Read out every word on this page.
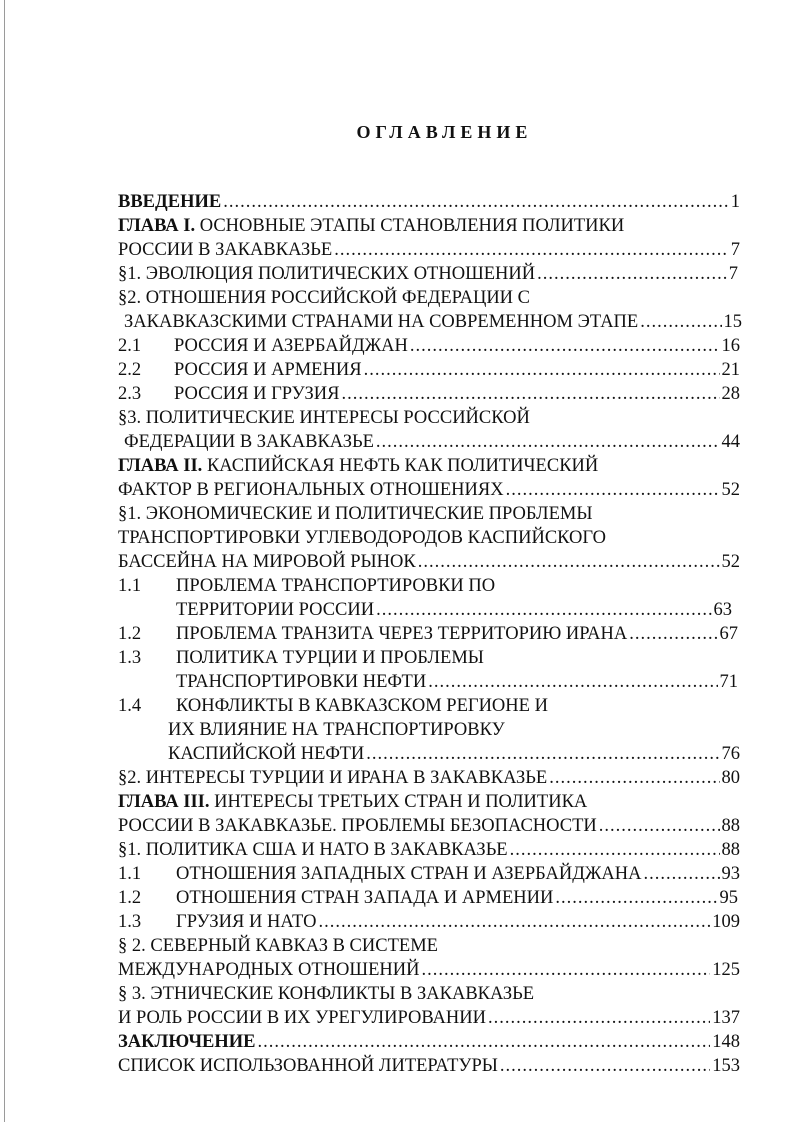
ОГЛАВЛЕНИЕ
ВВЕДЕНИЕ .....	1
ГЛАВА I. ОСНОВНЫЕ ЭТАПЫ СТАНОВЛЕНИЯ ПОЛИТИКИ
РОССИИ В ЗАКАВКАЗЬЕ .....	7
§1. ЭВОЛЮЦИЯ ПОЛИТИЧЕСКИХ ОТНОШЕНИЙ .....	7
§2. ОТНОШЕНИЯ РОССИЙСКОЙ ФЕДЕРАЦИИ С
ЗАКАВКАЗСКИМИ СТРАНАМИ НА СОВРЕМЕННОМ ЭТАПЕ .....	15
2.1 РОССИЯ И АЗЕРБАЙДЖАН .....	16
2.2 РОССИЯ И АРМЕНИЯ .....	21
2.3 РОССИЯ И ГРУЗИЯ .....	28
§3. ПОЛИТИЧЕСКИЕ ИНТЕРЕСЫ РОССИЙСКОЙ
ФЕДЕРАЦИИ В ЗАКАВКАЗЬЕ .....	44
ГЛАВА II. КАСПИЙСКАЯ НЕФТЬ КАК ПОЛИТИЧЕСКИЙ
ФАКТОР В РЕГИОНАЛЬНЫХ ОТНОШЕНИЯХ .....	52
§1. ЭКОНОМИЧЕСКИЕ И ПОЛИТИЧЕСКИЕ ПРОБЛЕМЫ
ТРАНСПОРТИРОВКИ УГЛЕВОДОРОДОВ КАСПИЙСКОГО
БАССЕЙНА НА МИРОВОЙ РЫНОК .....	52
1.1 ПРОБЛЕМА ТРАНСПОРТИРОВКИ ПО
ТЕРРИТОРИИ РОССИИ .....	63
1.2 ПРОБЛЕМА ТРАНЗИТА ЧЕРЕЗ ТЕРРИТОРИЮ ИРАНА .....	67
1.3 ПОЛИТИКА ТУРЦИИ И ПРОБЛЕМЫ
ТРАНСПОРТИРОВКИ НЕФТИ .....	71
1.4 КОНФЛИКТЫ В КАВКАЗСКОМ РЕГИОНЕ И
ИХ ВЛИЯНИЕ НА ТРАНСПОРТИРОВКУ
КАСПИЙСКОЙ НЕФТИ .....	76
§2. ИНТЕРЕСЫ ТУРЦИИ И ИРАНА В ЗАКАВКАЗЬЕ .....	80
ГЛАВА III. ИНТЕРЕСЫ ТРЕТЬИХ СТРАН И ПОЛИТИКА
РОССИИ В ЗАКАВКАЗЬЕ. ПРОБЛЕМЫ БЕЗОПАСНОСТИ .....	88
§1. ПОЛИТИКА США И НАТО В ЗАКАВКАЗЬЕ .....	88
1.1 ОТНОШЕНИЯ ЗАПАДНЫХ СТРАН И АЗЕРБАЙДЖАНА .....	93
1.2 ОТНОШЕНИЯ СТРАН ЗАПАДА И АРМЕНИИ .....	95
1.3 ГРУЗИЯ И НАТО .....	109
§ 2. СЕВЕРНЫЙ КАВКАЗ В СИСТЕМЕ
МЕЖДУНАРОДНЫХ ОТНОШЕНИЙ .....	125
§ 3. ЭТНИЧЕСКИЕ КОНФЛИКТЫ В ЗАКАВКАЗЬЕ
И РОЛЬ РОССИИ В ИХ УРЕГУЛИРОВАНИИ .....	137
ЗАКЛЮЧЕНИЕ .....	148
СПИСОК ИСПОЛЬЗОВАННОЙ ЛИТЕРАТУРЫ .....	153
